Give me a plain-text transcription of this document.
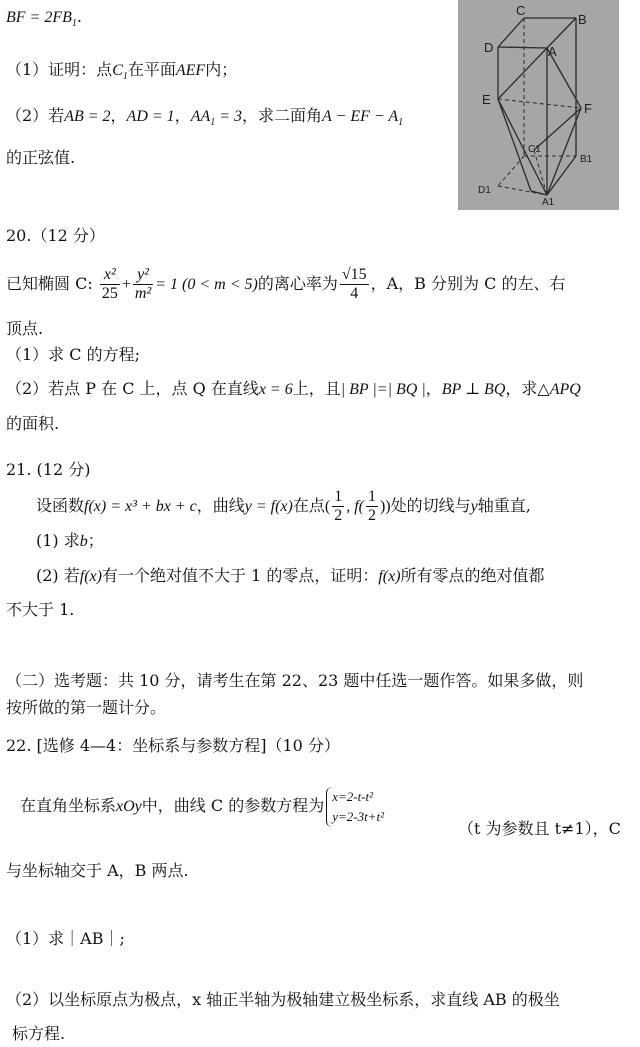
BF = $2FB_1$.
（1）证明：点$C_1$在平面AEF内；
（2）若AB = 2，AD = 1，$AA_1 = 3$，求二面角A − EF − $A_1$
的正弦值.
C
B
D	A
E
F
C1
B1
D1
A1
20.（12 分）
已知椭圆 C: $\frac{\text{x²}}{25} + \frac{\text{y²}}{\text{m²}} = 1$ (0 < m < 5)的离心率为 $\frac{√15}{4}$ ，A，B 分别为 C 的左、右
顶点.
（1）求 C 的方程;
（2）若点 P 在 C 上，点 Q 在直线x = 6上，且| BP |=| BQ |，BP ⊥ BQ，求△APQ
的面积.
21. (12 分)
设函数f(x) = x³ + bx + c，曲线y = f(x)在点( $\frac{1}{2}$ , $f( \frac{1}{2}$ ))处的切线与y轴重直,
(1) 求b；
(2) 若f(x)有一个绝对值不大于 1 的零点，证明：f(x)所有零点的绝对值都
不大于 1.
（二）选考题：共 10 分，请考生在第 22、23 题中任选一题作答。如果多做，则
按所做的第一题计分。
22. [选修 4—4：坐标系与参数方程]（10 分）
在直角坐标系xOy中，曲线 C 的参数方程为 x=2-t-t²
y=2-3t+t²
（t 为参数且 t≠1），C
与坐标轴交于 A，B 两点.
（1）求｜AB｜;
（2）以坐标原点为极点，x 轴正半轴为极轴建立极坐标系，求直线 AB 的极坐
标方程.
